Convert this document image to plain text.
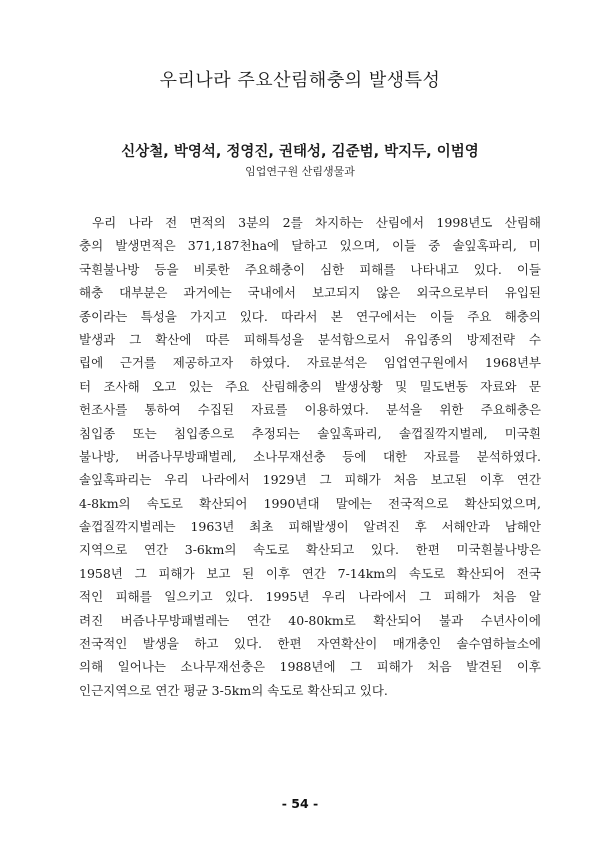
우리나라 주요산림해충의 발생특성
신상철, 박영석, 정영진, 권태성, 김준범, 박지두, 이범영
임업연구원 산림생물과
우리 나라 전 면적의 3분의 2를 차지하는 산림에서 1998년도 산림해
충의 발생면적은 371,187천ha에 달하고 있으며, 이들 중 솔잎혹파리, 미
국흰불나방 등을 비롯한 주요해충이 심한 피해를 나타내고 있다. 이들
해충 대부분은 과거에는 국내에서 보고되지 않은 외국으로부터 유입된
종이라는 특성을 가지고 있다. 따라서 본 연구에서는 이들 주요 해충의
발생과 그 확산에 따른 피해특성을 분석함으로서 유입종의 방제전략 수
립에 근거를 제공하고자 하였다. 자료분석은 임업연구원에서 1968년부
터 조사해 오고 있는 주요 산림해충의 발생상황 및 밀도변동 자료와 문
헌조사를 통하여 수집된 자료를 이용하였다. 분석을 위한 주요해충은
침입종 또는 침입종으로 추정되는 솔잎혹파리, 솔껍질깍지벌레, 미국흰
불나방, 버즘나무방패벌레, 소나무재선충 등에 대한 자료를 분석하였다.
솔잎혹파리는 우리 나라에서 1929년 그 피해가 처음 보고된 이후 연간
4-8km의 속도로 확산되어 1990년대 말에는 전국적으로 확산되었으며,
솔껍질깍지벌레는 1963년 최초 피해발생이 알려진 후 서해안과 남해안
지역으로 연간 3-6km의 속도로 확산되고 있다. 한편 미국흰불나방은
1958년 그 피해가 보고 된 이후 연간 7-14km의 속도로 확산되어 전국
적인 피해를 일으키고 있다. 1995년 우리 나라에서 그 피해가 처음 알
려진 버즘나무방패벌레는 연간 40-80km로 확산되어 불과 수년사이에
전국적인 발생을 하고 있다. 한편 자연확산이 매개충인 솔수염하늘소에
의해 일어나는 소나무재선충은 1988년에 그 피해가 처음 발견된 이후
인근지역으로 연간 평균 3-5km의 속도로 확산되고 있다.
- 54 -
